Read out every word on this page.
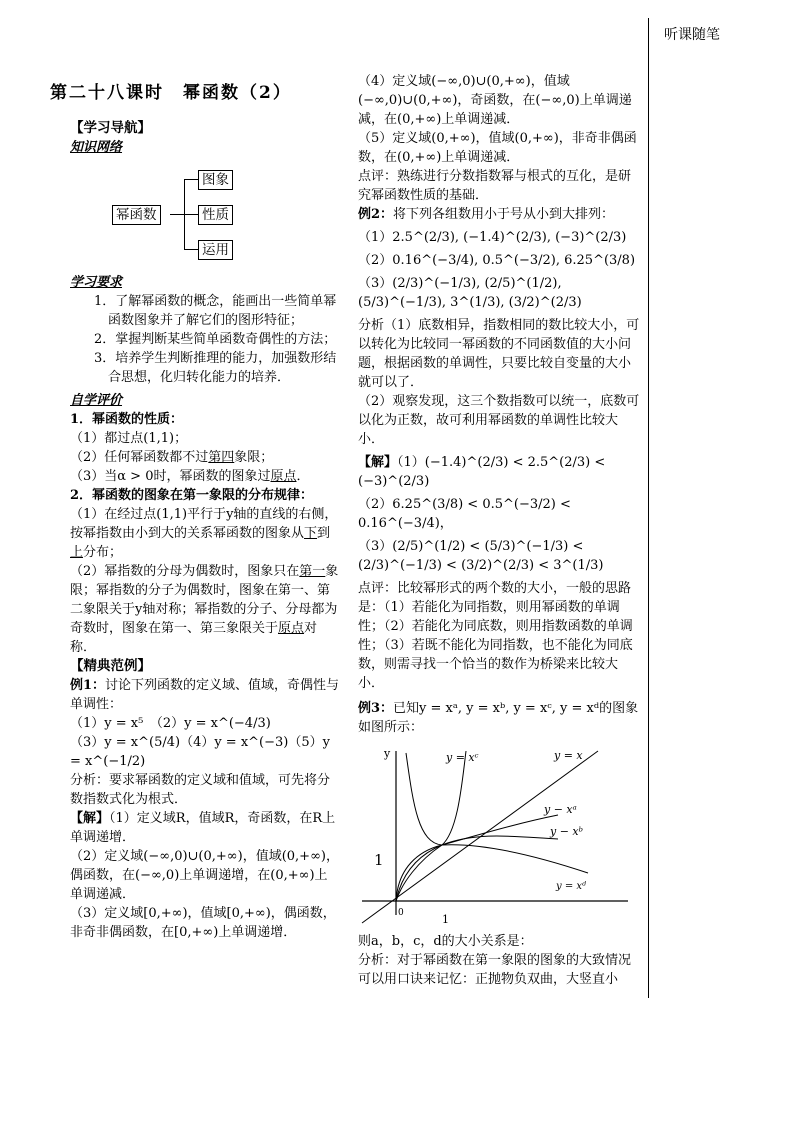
听课随笔
第二十八课时　幂函数（2）
【学习导航】
知识网络
幂函数
图象
性质
运用
学习要求

1．了解幂函数的概念，能画出一些简单幂函数图象并了解它们的图形特征；

2．掌握判断某些简单函数奇偶性的方法；

3．培养学生判断推理的能力，加强数形结合思想，化归转化能力的培养．

自学评价

1．幂函数的性质：

（1）都过点(1,1)；

（2）任何幂函数都不过第四象限；

（3）当α > 0时，幂函数的图象过原点．

2．幂函数的图象在第一象限的分布规律：

（1）在经过点(1,1)平行于y轴的直线的右侧，按幂指数由小到大的关系幂函数的图象从下到上分布；

（2）幂指数的分母为偶数时，图象只在第一象限；幂指数的分子为偶数时，图象在第一、第二象限关于y轴对称；幂指数的分子、分母都为奇数时，图象在第一、第三象限关于原点对称．

【精典范例】

例1：讨论下列函数的定义域、值域，奇偶性与单调性：

（1）y = x⁵　 （2）y = x^(−4/3)

（3）y = x^(5/4)（4）y = x^(−3)（5）y = x^(−1/2)

分析：要求幂函数的定义域和值域，可先将分数指数式化为根式．

【解】（1）定义域R，值域R，奇函数，在R上单调递增．

（2）定义域(−∞,0)∪(0,+∞)，值域(0,+∞)，偶函数，在(−∞,0)上单调递增，在(0,+∞)上单调递减．

（3）定义域[0,+∞)，值域[0,+∞)，偶函数，非奇非偶函数，在[0,+∞)上单调递增．

（4）定义域(−∞,0)∪(0,+∞)，值域(−∞,0)∪(0,+∞)，奇函数，在(−∞,0)上单调递减，在(0,+∞)上单调递减．

（5）定义域(0,+∞)，值域(0,+∞)，非奇非偶函数，在(0,+∞)上单调递减．

点评：熟练进行分数指数幂与根式的互化，是研究幂函数性质的基础．

例2：将下列各组数用小于号从小到大排列：

（1）2.5^(2/3), (−1.4)^(2/3), (−3)^(2/3)

（2）0.16^(−3/4), 0.5^(−3/2), 6.25^(3/8)

（3）(2/3)^(−1/3), (2/5)^(1/2), (5/3)^(−1/3), 3^(1/3), (3/2)^(2/3)

分析（1）底数相异，指数相同的数比较大小，可以转化为比较同一幂函数的不同函数值的大小问题，根据函数的单调性，只要比较自变量的大小就可以了．

（2）观察发现，这三个数指数可以统一，底数可以化为正数，故可利用幂函数的单调性比较大小．

【解】（1）(−1.4)^(2/3) < 2.5^(2/3) < (−3)^(2/3)

（2）6.25^(3/8) < 0.5^(−3/2) < 0.16^(−3/4)，

（3）(2/5)^(1/2) < (5/3)^(−1/3) < (2/3)^(−1/3) < (3/2)^(2/3) < 3^(1/3)

点评：比较幂形式的两个数的大小，一般的思路是：（1）若能化为同指数，则用幂函数的单调性；（2）若能化为同底数，则用指数函数的单调性；（3）若既不能化为同指数，也不能化为同底数，则需寻找一个恰当的数作为桥梁来比较大小．

例3：已知y = xᵃ, y = xᵇ, y = xᶜ, y = xᵈ的图象如图所示：

y
1
0	1
y = xᶜ	y = x
y − xᵃ
y − xᵇ
y = xᵈ

则a，b，c，d的大小关系是：

分析：对于幂函数在第一象限的图象的大致情况可以用口诀来记忆：正抛物负双曲，大竖直小
